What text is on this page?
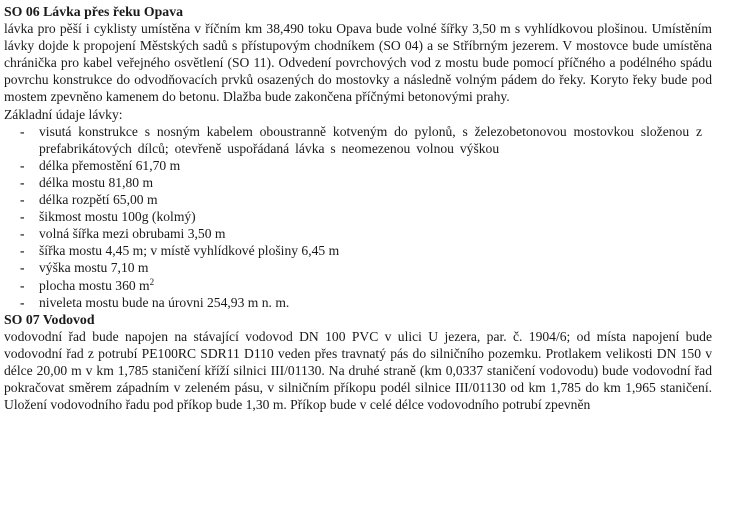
SO 06 Lávka přes řeku Opava

lávka pro pěší i cyklisty umístěna v říčním km 38,490 toku Opava bude volné šířky 3,50 m s vyhlídkovou plošinou. Umístěním lávky dojde k propojení Městských sadů s přístupovým chodníkem (SO 04) a se Stříbrným jezerem. V mostovce bude umístěna chránička pro kabel veřejného osvětlení (SO 11). Odvedení povrchových vod z mostu bude pomocí příčného a podélného spádu povrchu konstrukce do odvodňovacích prvků osazených do mostovky a následně volným pádem do řeky. Koryto řeky bude pod mostem zpevněno kamenem do betonu. Dlažba bude zakončena příčnými betonovými prahy.

Základní údaje lávky:

- visutá konstrukce s nosným kabelem oboustranně kotveným do pylonů, s železobetonovou mostovkou složenou z prefabrikátových dílců; otevřeně uspořádaná lávka s neomezenou volnou výškou
- délka přemostění 61,70 m
- délka mostu 81,80 m
- délka rozpětí 65,00 m
- šikmost mostu 100g (kolmý)
- volná šířka mezi obrubami 3,50 m
- šířka mostu 4,45 m; v místě vyhlídkové plošiny 6,45 m
- výška mostu 7,10 m
- plocha mostu 360 $m^2$
- niveleta mostu bude na úrovni 254,93 m n. m.
SO 07 Vodovod

vodovodní řad bude napojen na stávající vodovod DN 100 PVC v ulici U jezera, par. č. 1904/6; od místa napojení bude vodovodní řad z potrubí PE100RC SDR11 D110 veden přes travnatý pás do silničního pozemku. Protlakem velikosti DN 150 v délce 20,00 m v km 1,785 staničení kříží silnici III/01130. Na druhé straně (km 0,0337 staničení vodovodu) bude vodovodní řad pokračovat směrem západním v zeleném pásu, v silničním příkopu podél silnice III/01130 od km 1,785 do km 1,965 staničení. Uložení vodovodního řadu pod příkop bude 1,30 m. Příkop bude v celé délce vodovodního potrubí zpevněn
